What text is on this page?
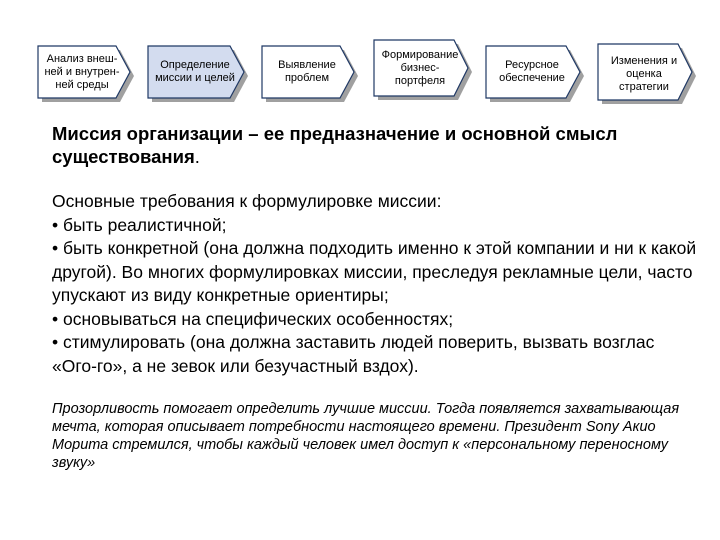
Анализ внеш-
ней и внутрен-
ней среды
Определение
миссии и целей
Выявление
проблем
Формирование
бизнес-
портфеля
Ресурсное
обеспечение
Изменения и
оценка
стратегии

Миссия организации – ее предназначение и основной смысл существования.

Основные требования к формулировке миссии:
• быть реалистичной;
• быть конкретной (она должна подходить именно к этой компании и ни к какой другой). Во многих формулировках миссии, преследуя рекламные цели, часто упускают из виду конкретные ориентиры;
• основываться на специфических особенностях;
• стимулировать (она должна заставить людей поверить, вызвать возглас «Ого-го», а не зевок или безучастный вздох).
Прозорливость помогает определить лучшие миссии. Тогда появляется захватывающая мечта, которая описывает потребности настоящего времени. Президент Sony Акио Морита стремился, чтобы каждый человек имел доступ к «персональному переносному звуку»
